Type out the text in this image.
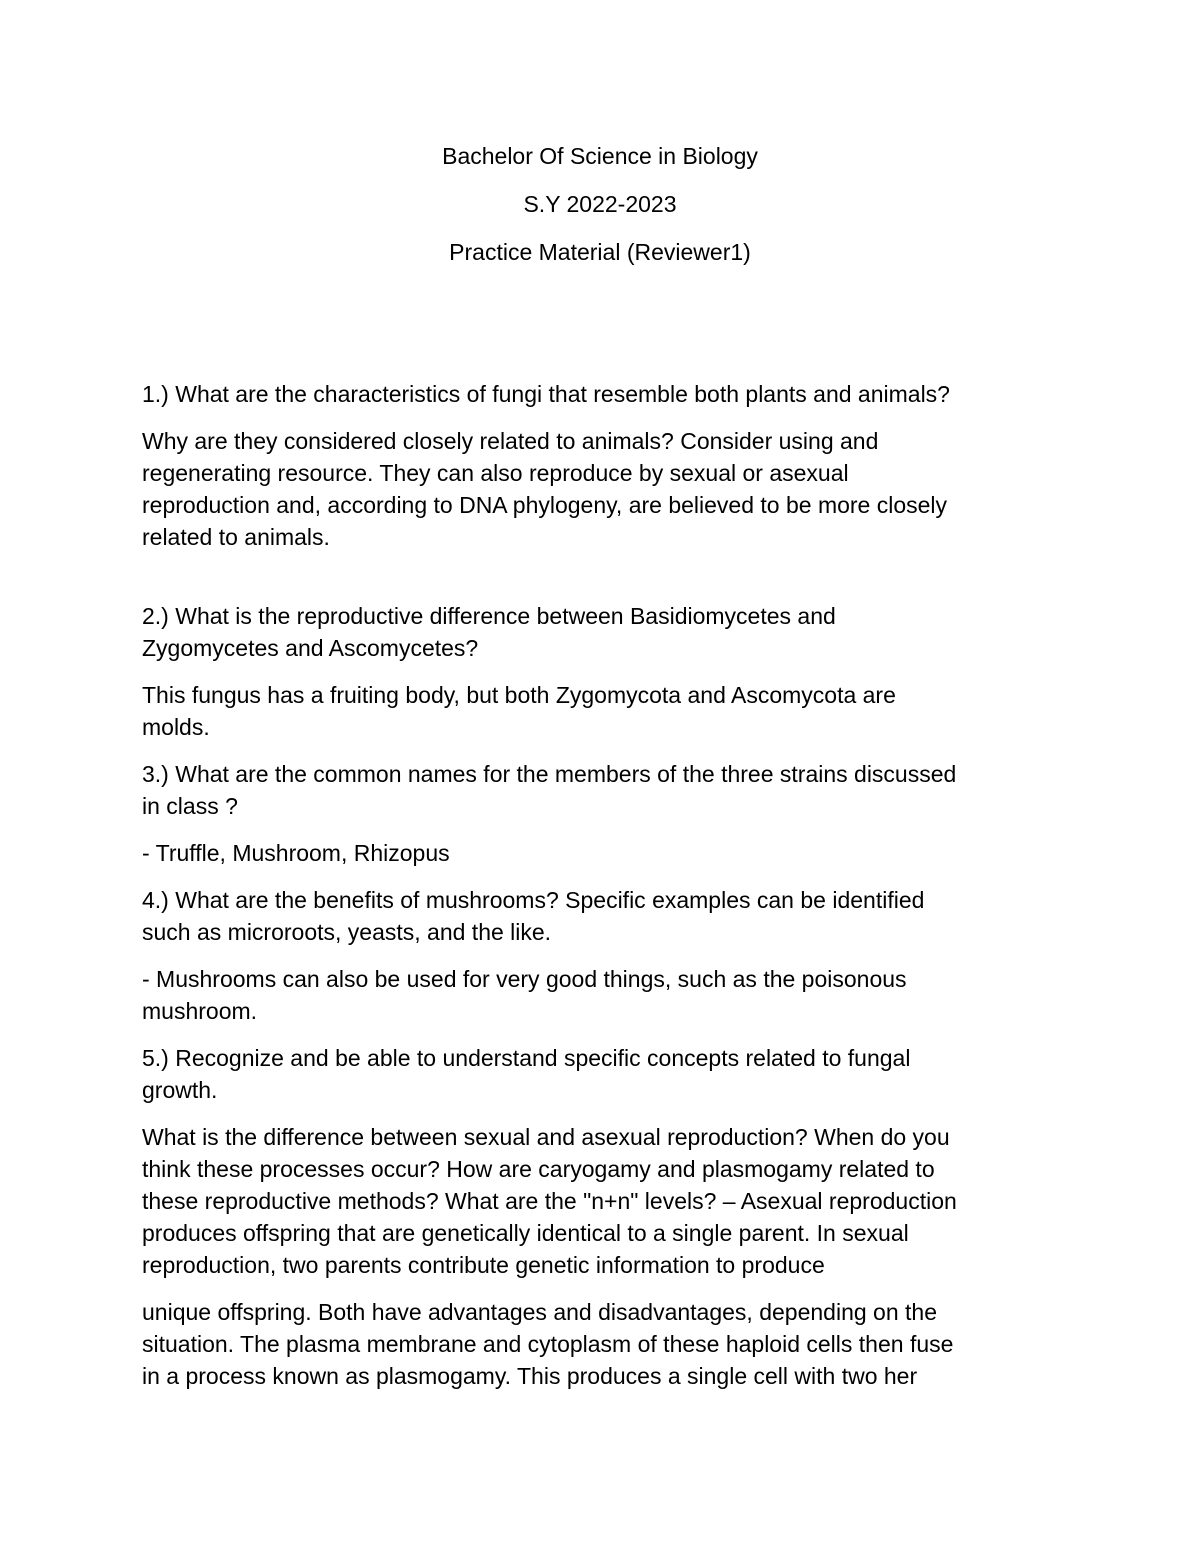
Bachelor Of Science in Biology
S.Y 2022-2023
Practice Material (Reviewer1)

1.) What are the characteristics of fungi that resemble both plants and animals?

Why are they considered closely related to animals? Consider using and
regenerating resource. They can also reproduce by sexual or asexual
reproduction and, according to DNA phylogeny, are believed to be more closely
related to animals.

2.) What is the reproductive difference between Basidiomycetes and
Zygomycetes and Ascomycetes?

This fungus has a fruiting body, but both Zygomycota and Ascomycota are
molds.

3.) What are the common names for the members of the three strains discussed
in class ?

- Truffle, Mushroom, Rhizopus

4.) What are the benefits of mushrooms? Specific examples can be identified
such as microroots, yeasts, and the like.

- Mushrooms can also be used for very good things, such as the poisonous
mushroom.

5.) Recognize and be able to understand specific concepts related to fungal
growth.

What is the difference between sexual and asexual reproduction? When do you
think these processes occur? How are caryogamy and plasmogamy related to
these reproductive methods? What are the "n+n" levels? – Asexual reproduction
produces offspring that are genetically identical to a single parent. In sexual
reproduction, two parents contribute genetic information to produce

unique offspring. Both have advantages and disadvantages, depending on the
situation. The plasma membrane and cytoplasm of these haploid cells then fuse
in a process known as plasmogamy. This produces a single cell with two her
